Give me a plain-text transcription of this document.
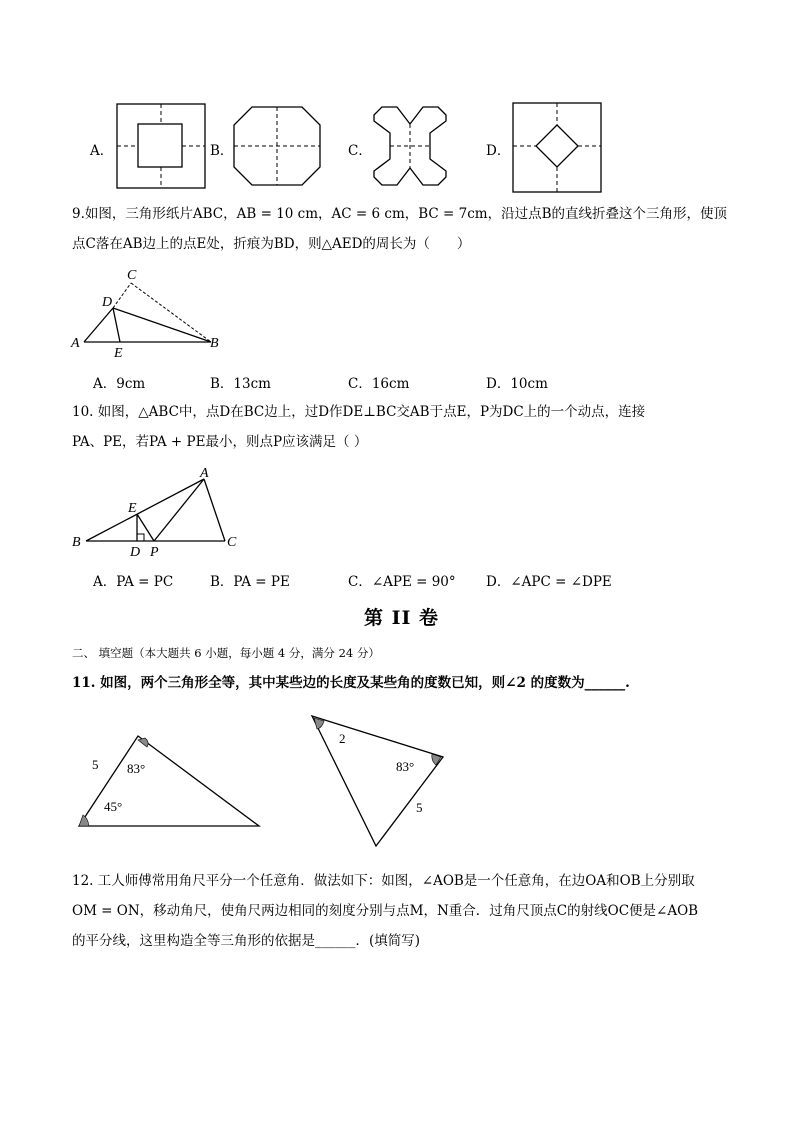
A．	B．	C．	D．
9.如图，三角形纸片ABC，AB = 10 cm，AC = 6 cm，BC = 7cm，沿过点B的直线折叠这个三角形，使顶
点C落在AB边上的点E处，折痕为BD，则△AED的周长为（　　）
C
D
A
E
B
A．9cm	B．13cm	C．16cm	D．10cm
10. 如图，△ABC中，点D在BC边上，过D作DE⊥BC交AB于点E，P为DC上的一个动点，连接
PA、PE，若PA + PE最小，则点P应该满足（ ）
A
E
B
D P
C
A．PA = PC	B．PA = PE	C．∠APE = 90° D．∠APC = ∠DPE
第 II 卷
二、 填空题（本大题共 6 小题，每小题 4 分，满分 24 分）
11. 如图，两个三角形全等，其中某些边的长度及某些角的度数已知，则∠2 的度数为______.
5 83°
45°
2
83°
5
12. 工人师傅常用角尺平分一个任意角．做法如下：如图，∠AOB是一个任意角，在边OA和OB上分别取
OM = ON，移动角尺，使角尺两边相同的刻度分别与点M，N重合．过角尺顶点C的射线OC便是∠AOB
的平分线，这里构造全等三角形的依据是______．(填简写)
